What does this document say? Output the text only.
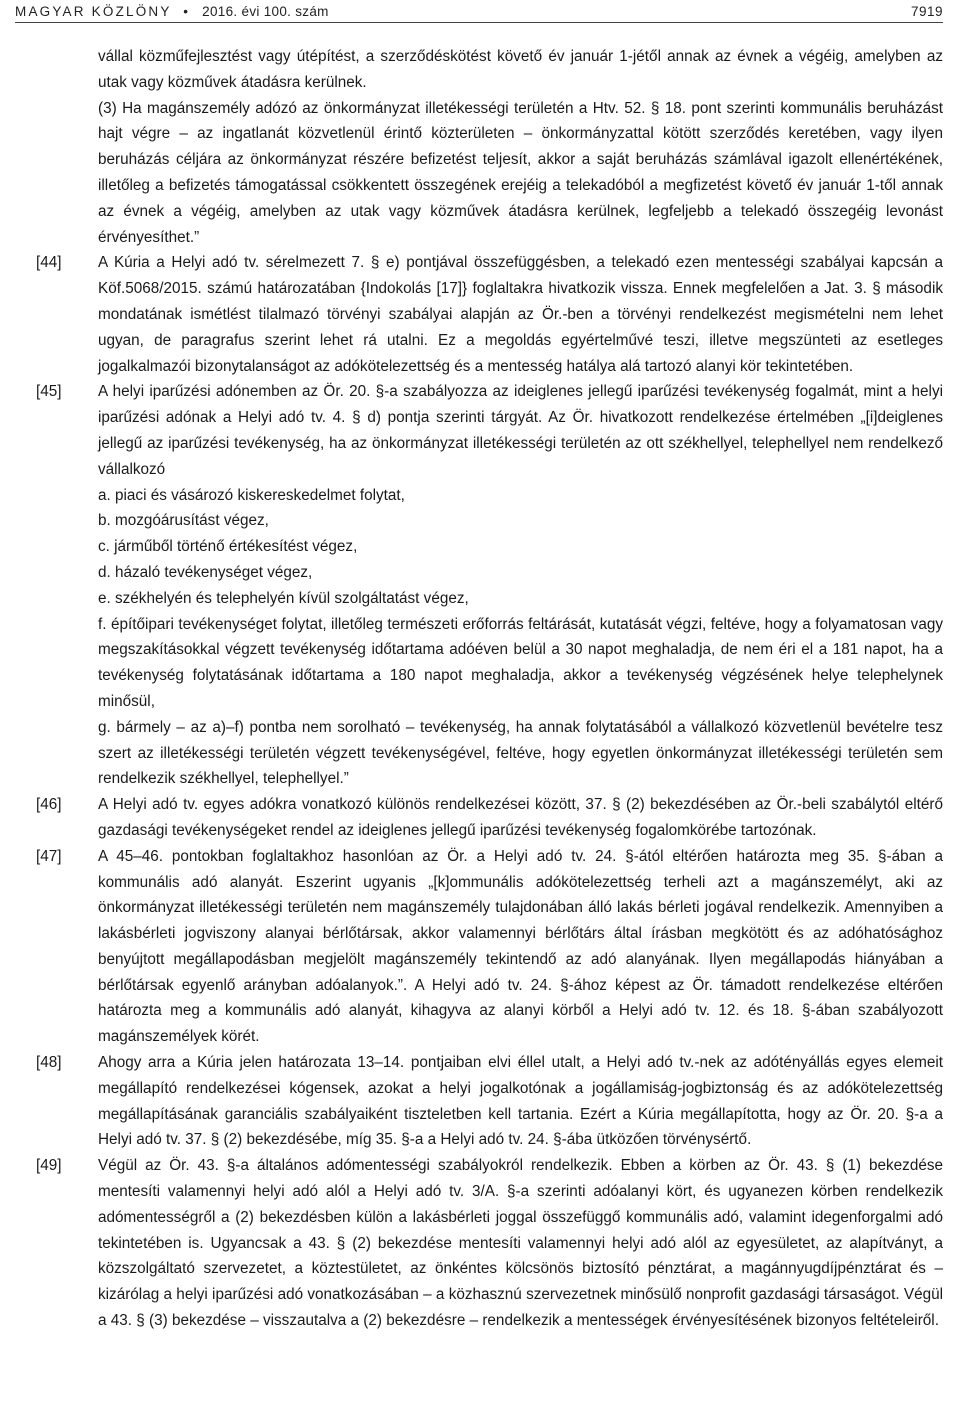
MAGYAR KÖZLÖNY • 2016. évi 100. szám	7919

vállal közműfejlesztést vagy útépítést, a szerződéskötést követő év január 1-jétől annak az évnek a végéig, amelyben az utak vagy közművek átadásra kerülnek.

(3) Ha magánszemély adózó az önkormányzat illetékességi területén a Htv. 52. § 18. pont szerinti kommunális beruházást hajt végre – az ingatlanát közvetlenül érintő közterületen – önkormányzattal kötött szerződés keretében, vagy ilyen beruházás céljára az önkormányzat részére befizetést teljesít, akkor a saját beruházás számlával igazolt ellenértékének, illetőleg a befizetés támogatással csökkentett összegének erejéig a telekadóból a megfizetést követő év január 1-től annak az évnek a végéig, amelyben az utak vagy közművek átadásra kerülnek, legfeljebb a telekadó összegéig levonást érvényesíthet.”

[44] A Kúria a Helyi adó tv. sérelmezett 7. § e) pontjával összefüggésben, a telekadó ezen mentességi szabályai kapcsán a Köf.5068/2015. számú határozatában {Indokolás [17]} foglaltakra hivatkozik vissza. Ennek megfelelően a Jat. 3. § második mondatának ismétlést tilalmazó törvényi szabályai alapján az Ör.-ben a törvényi rendelkezést megismételni nem lehet ugyan, de paragrafus szerint lehet rá utalni. Ez a megoldás egyértelművé teszi, illetve megszünteti az esetleges jogalkalmazói bizonytalanságot az adókötelezettség és a mentesség hatálya alá tartozó alanyi kör tekintetében.

[45] A helyi iparűzési adónemben az Ör. 20. §-a szabályozza az ideiglenes jellegű iparűzési tevékenység fogalmát, mint a helyi iparűzési adónak a Helyi adó tv. 4. § d) pontja szerinti tárgyát. Az Ör. hivatkozott rendelkezése értelmében „[i]deiglenes jellegű az iparűzési tevékenység, ha az önkormányzat illetékességi területén az ott székhellyel, telephellyel nem rendelkező vállalkozó

a. piaci és vásározó kiskereskedelmet folytat,

b. mozgóárusítást végez,

c. járműből történő értékesítést végez,

d. házaló tevékenységet végez,

e. székhelyén és telephelyén kívül szolgáltatást végez,

f. építőipari tevékenységet folytat, illetőleg természeti erőforrás feltárását, kutatását végzi, feltéve, hogy a folyamatosan vagy megszakításokkal végzett tevékenység időtartama adóéven belül a 30 napot meghaladja, de nem éri el a 181 napot, ha a tevékenység folytatásának időtartama a 180 napot meghaladja, akkor a tevékenység végzésének helye telephelynek minősül,

g. bármely – az a)–f) pontba nem sorolható – tevékenység, ha annak folytatásából a vállalkozó közvetlenül bevételre tesz szert az illetékességi területén végzett tevékenységével, feltéve, hogy egyetlen önkormányzat illetékességi területén sem rendelkezik székhellyel, telephellyel.”

[46] A Helyi adó tv. egyes adókra vonatkozó különös rendelkezései között, 37. § (2) bekezdésében az Ör.-beli szabálytól eltérő gazdasági tevékenységeket rendel az ideiglenes jellegű iparűzési tevékenység fogalomkörébe tartozónak.

[47] A 45–46. pontokban foglaltakhoz hasonlóan az Ör. a Helyi adó tv. 24. §-ától eltérően határozta meg 35. §-ában a kommunális adó alanyát. Eszerint ugyanis „[k]ommunális adókötelezettség terheli azt a magánszemélyt, aki az önkormányzat illetékességi területén nem magánszemély tulajdonában álló lakás bérleti jogával rendelkezik. Amennyiben a lakásbérleti jogviszony alanyai bérlőtársak, akkor valamennyi bérlőtárs által írásban megkötött és az adóhatósághoz benyújtott megállapodásban megjelölt magánszemély tekintendő az adó alanyának. Ilyen megállapodás hiányában a bérlőtársak egyenlő arányban adóalanyok.”. A Helyi adó tv. 24. §-ához képest az Ör. támadott rendelkezése eltérően határozta meg a kommunális adó alanyát, kihagyva az alanyi körből a Helyi adó tv. 12. és 18. §-ában szabályozott magánszemélyek körét.

[48] Ahogy arra a Kúria jelen határozata 13–14. pontjaiban elvi éllel utalt, a Helyi adó tv.-nek az adótényállás egyes elemeit megállapító rendelkezései kógensek, azokat a helyi jogalkotónak a jogállamiság-jogbiztonság és az adókötelezettség megállapításának garanciális szabályaiként tiszteletben kell tartania. Ezért a Kúria megállapította, hogy az Ör. 20. §-a a Helyi adó tv. 37. § (2) bekezdésébe, míg 35. §-a a Helyi adó tv. 24. §-ába ütközően törvénysértő.

[49] Végül az Ör. 43. §-a általános adómentességi szabályokról rendelkezik. Ebben a körben az Ör. 43. § (1) bekezdése mentesíti valamennyi helyi adó alól a Helyi adó tv. 3/A. §-a szerinti adóalanyi kört, és ugyanezen körben rendelkezik adómentességről a (2) bekezdésben külön a lakásbérleti joggal összefüggő kommunális adó, valamint idegenforgalmi adó tekintetében is. Ugyancsak a 43. § (2) bekezdése mentesíti valamennyi helyi adó alól az egyesületet, az alapítványt, a közszolgáltató szervezetet, a köztestületet, az önkéntes kölcsönös biztosító pénztárat, a magánnyugdíjpénztárat és – kizárólag a helyi iparűzési adó vonatkozásában – a közhasznú szervezetnek minősülő nonprofit gazdasági társaságot. Végül a 43. § (3) bekezdése – visszautalva a (2) bekezdésre – rendelkezik a mentességek érvényesítésének bizonyos feltételeiről.
